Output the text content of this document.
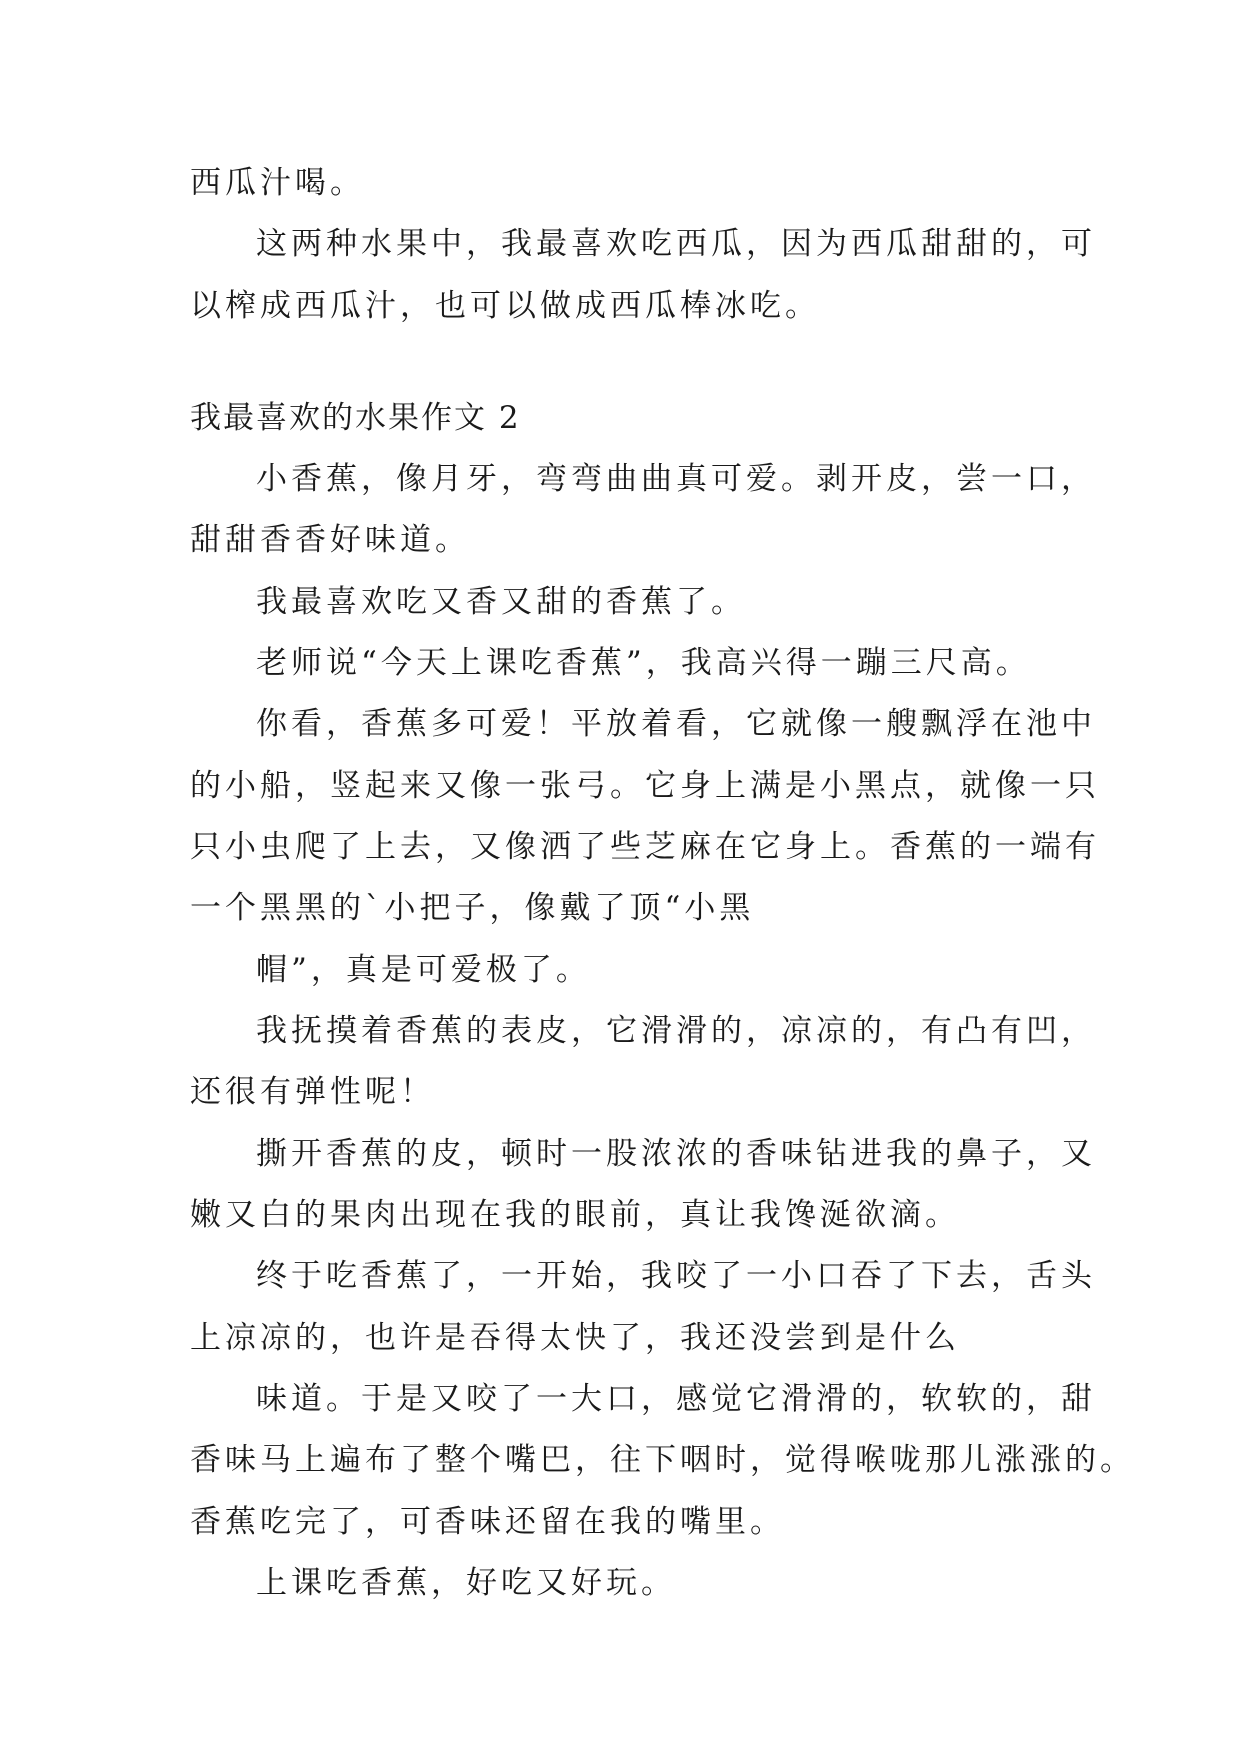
西瓜汁喝。
这两种水果中，我最喜欢吃西瓜，因为西瓜甜甜的，可
以榨成西瓜汁，也可以做成西瓜棒冰吃。
我最喜欢的水果作文 2
小香蕉，像月牙，弯弯曲曲真可爱。剥开皮，尝一口，
甜甜香香好味道。
我最喜欢吃又香又甜的香蕉了。
老师说“今天上课吃香蕉”，我高兴得一蹦三尺高。
你看，香蕉多可爱！平放着看，它就像一艘飘浮在池中
的小船，竖起来又像一张弓。它身上满是小黑点，就像一只
只小虫爬了上去，又像洒了些芝麻在它身上。香蕉的一端有
一个黑黑的`小把子，像戴了顶“小黑
帽”，真是可爱极了。
我抚摸着香蕉的表皮，它滑滑的，凉凉的，有凸有凹，
还很有弹性呢！
撕开香蕉的皮，顿时一股浓浓的香味钻进我的鼻子，又
嫩又白的果肉出现在我的眼前，真让我馋涎欲滴。
终于吃香蕉了，一开始，我咬了一小口吞了下去，舌头
上凉凉的，也许是吞得太快了，我还没尝到是什么
味道。于是又咬了一大口，感觉它滑滑的，软软的，甜
香味马上遍布了整个嘴巴，往下咽时，觉得喉咙那儿涨涨的。
香蕉吃完了，可香味还留在我的嘴里。
上课吃香蕉，好吃又好玩。
